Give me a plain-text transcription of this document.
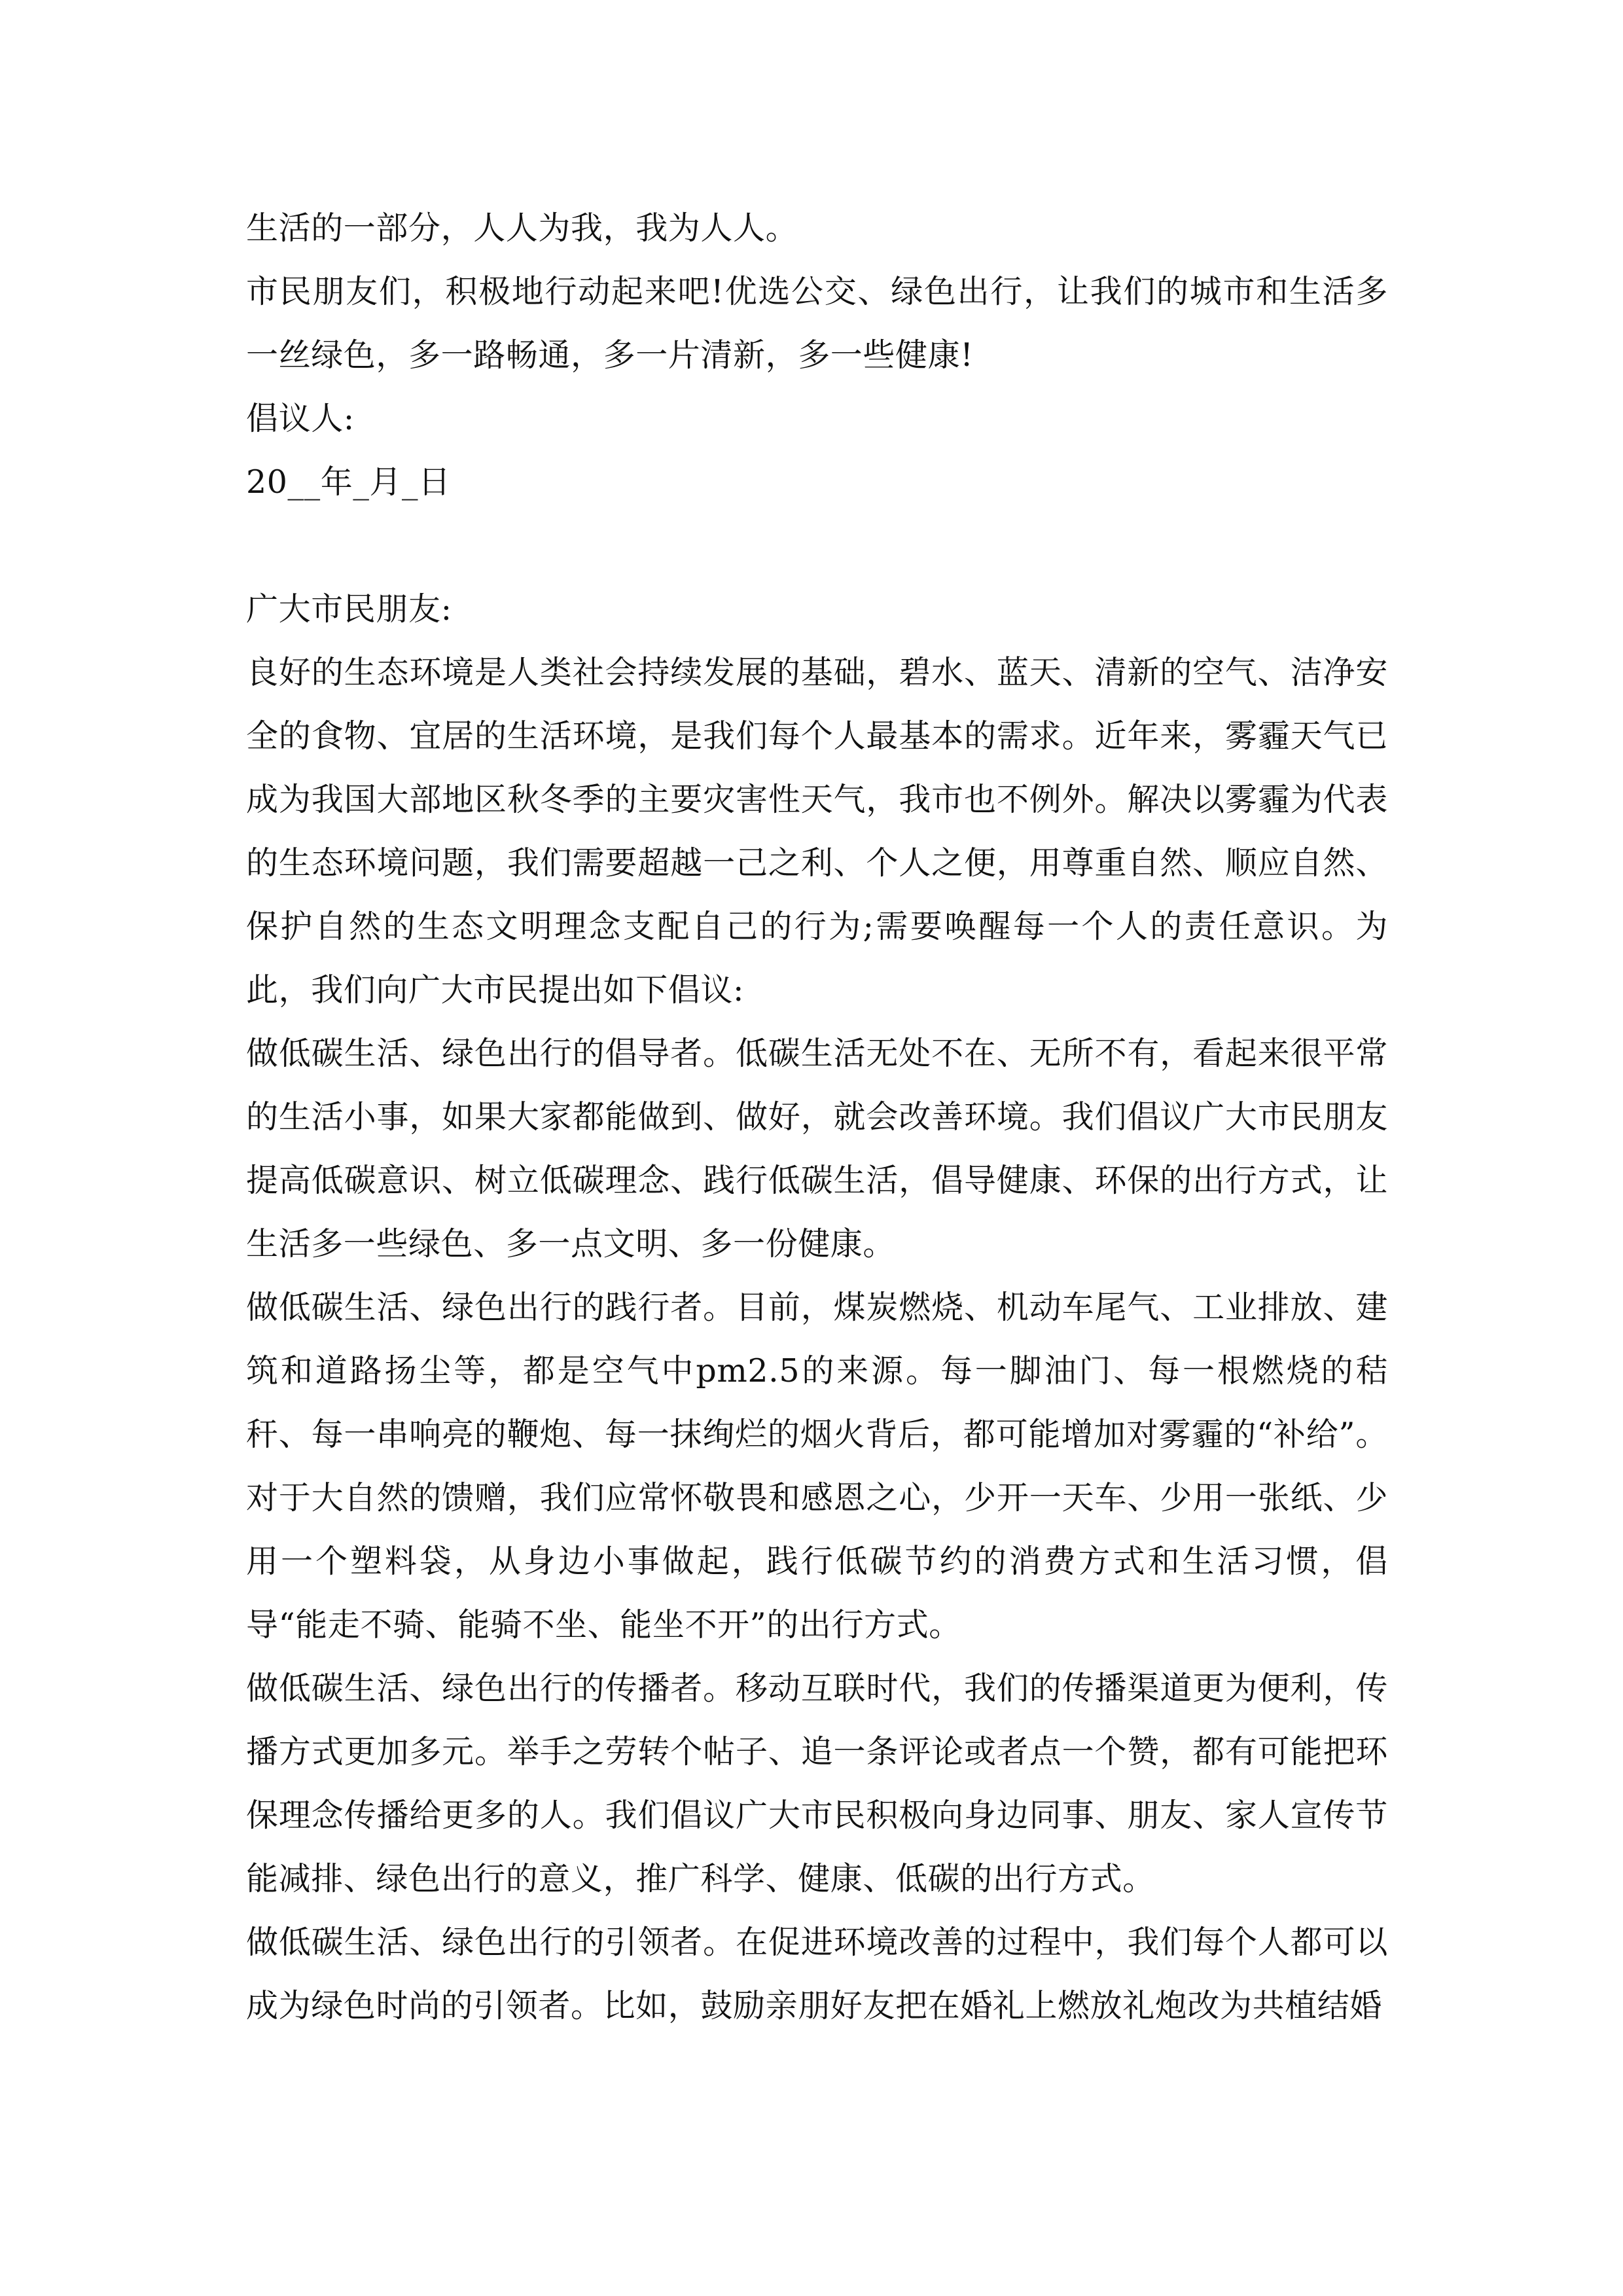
生活的一部分，人人为我，我为人人。

市民朋友们，积极地行动起来吧!优选公交、绿色出行，让我们的城市和生活多一丝绿色，多一路畅通，多一片清新，多一些健康!

倡议人:

20__年_月_日

广大市民朋友:

良好的生态环境是人类社会持续发展的基础，碧水、蓝天、清新的空气、洁净安全的食物、宜居的生活环境，是我们每个人最基本的需求。近年来，雾霾天气已成为我国大部地区秋冬季的主要灾害性天气，我市也不例外。解决以雾霾为代表的生态环境问题，我们需要超越一己之利、个人之便，用尊重自然、顺应自然、保护自然的生态文明理念支配自己的行为;需要唤醒每一个人的责任意识。为此，我们向广大市民提出如下倡议:

做低碳生活、绿色出行的倡导者。低碳生活无处不在、无所不有，看起来很平常的生活小事，如果大家都能做到、做好，就会改善环境。我们倡议广大市民朋友提高低碳意识、树立低碳理念、践行低碳生活，倡导健康、环保的出行方式，让生活多一些绿色、多一点文明、多一份健康。

做低碳生活、绿色出行的践行者。目前，煤炭燃烧、机动车尾气、工业排放、建筑和道路扬尘等，都是空气中pm2.5的来源。每一脚油门、每一根燃烧的秸秆、每一串响亮的鞭炮、每一抹绚烂的烟火背后，都可能增加对雾霾的“补给”。对于大自然的馈赠，我们应常怀敬畏和感恩之心，少开一天车、少用一张纸、少用一个塑料袋，从身边小事做起，践行低碳节约的消费方式和生活习惯，倡导“能走不骑、能骑不坐、能坐不开”的出行方式。

做低碳生活、绿色出行的传播者。移动互联时代，我们的传播渠道更为便利，传播方式更加多元。举手之劳转个帖子、追一条评论或者点一个赞，都有可能把环保理念传播给更多的人。我们倡议广大市民积极向身边同事、朋友、家人宣传节能减排、绿色出行的意义，推广科学、健康、低碳的出行方式。

做低碳生活、绿色出行的引领者。在促进环境改善的过程中，我们每个人都可以成为绿色时尚的引领者。比如，鼓励亲朋好友把在婚礼上燃放礼炮改为共植结婚
